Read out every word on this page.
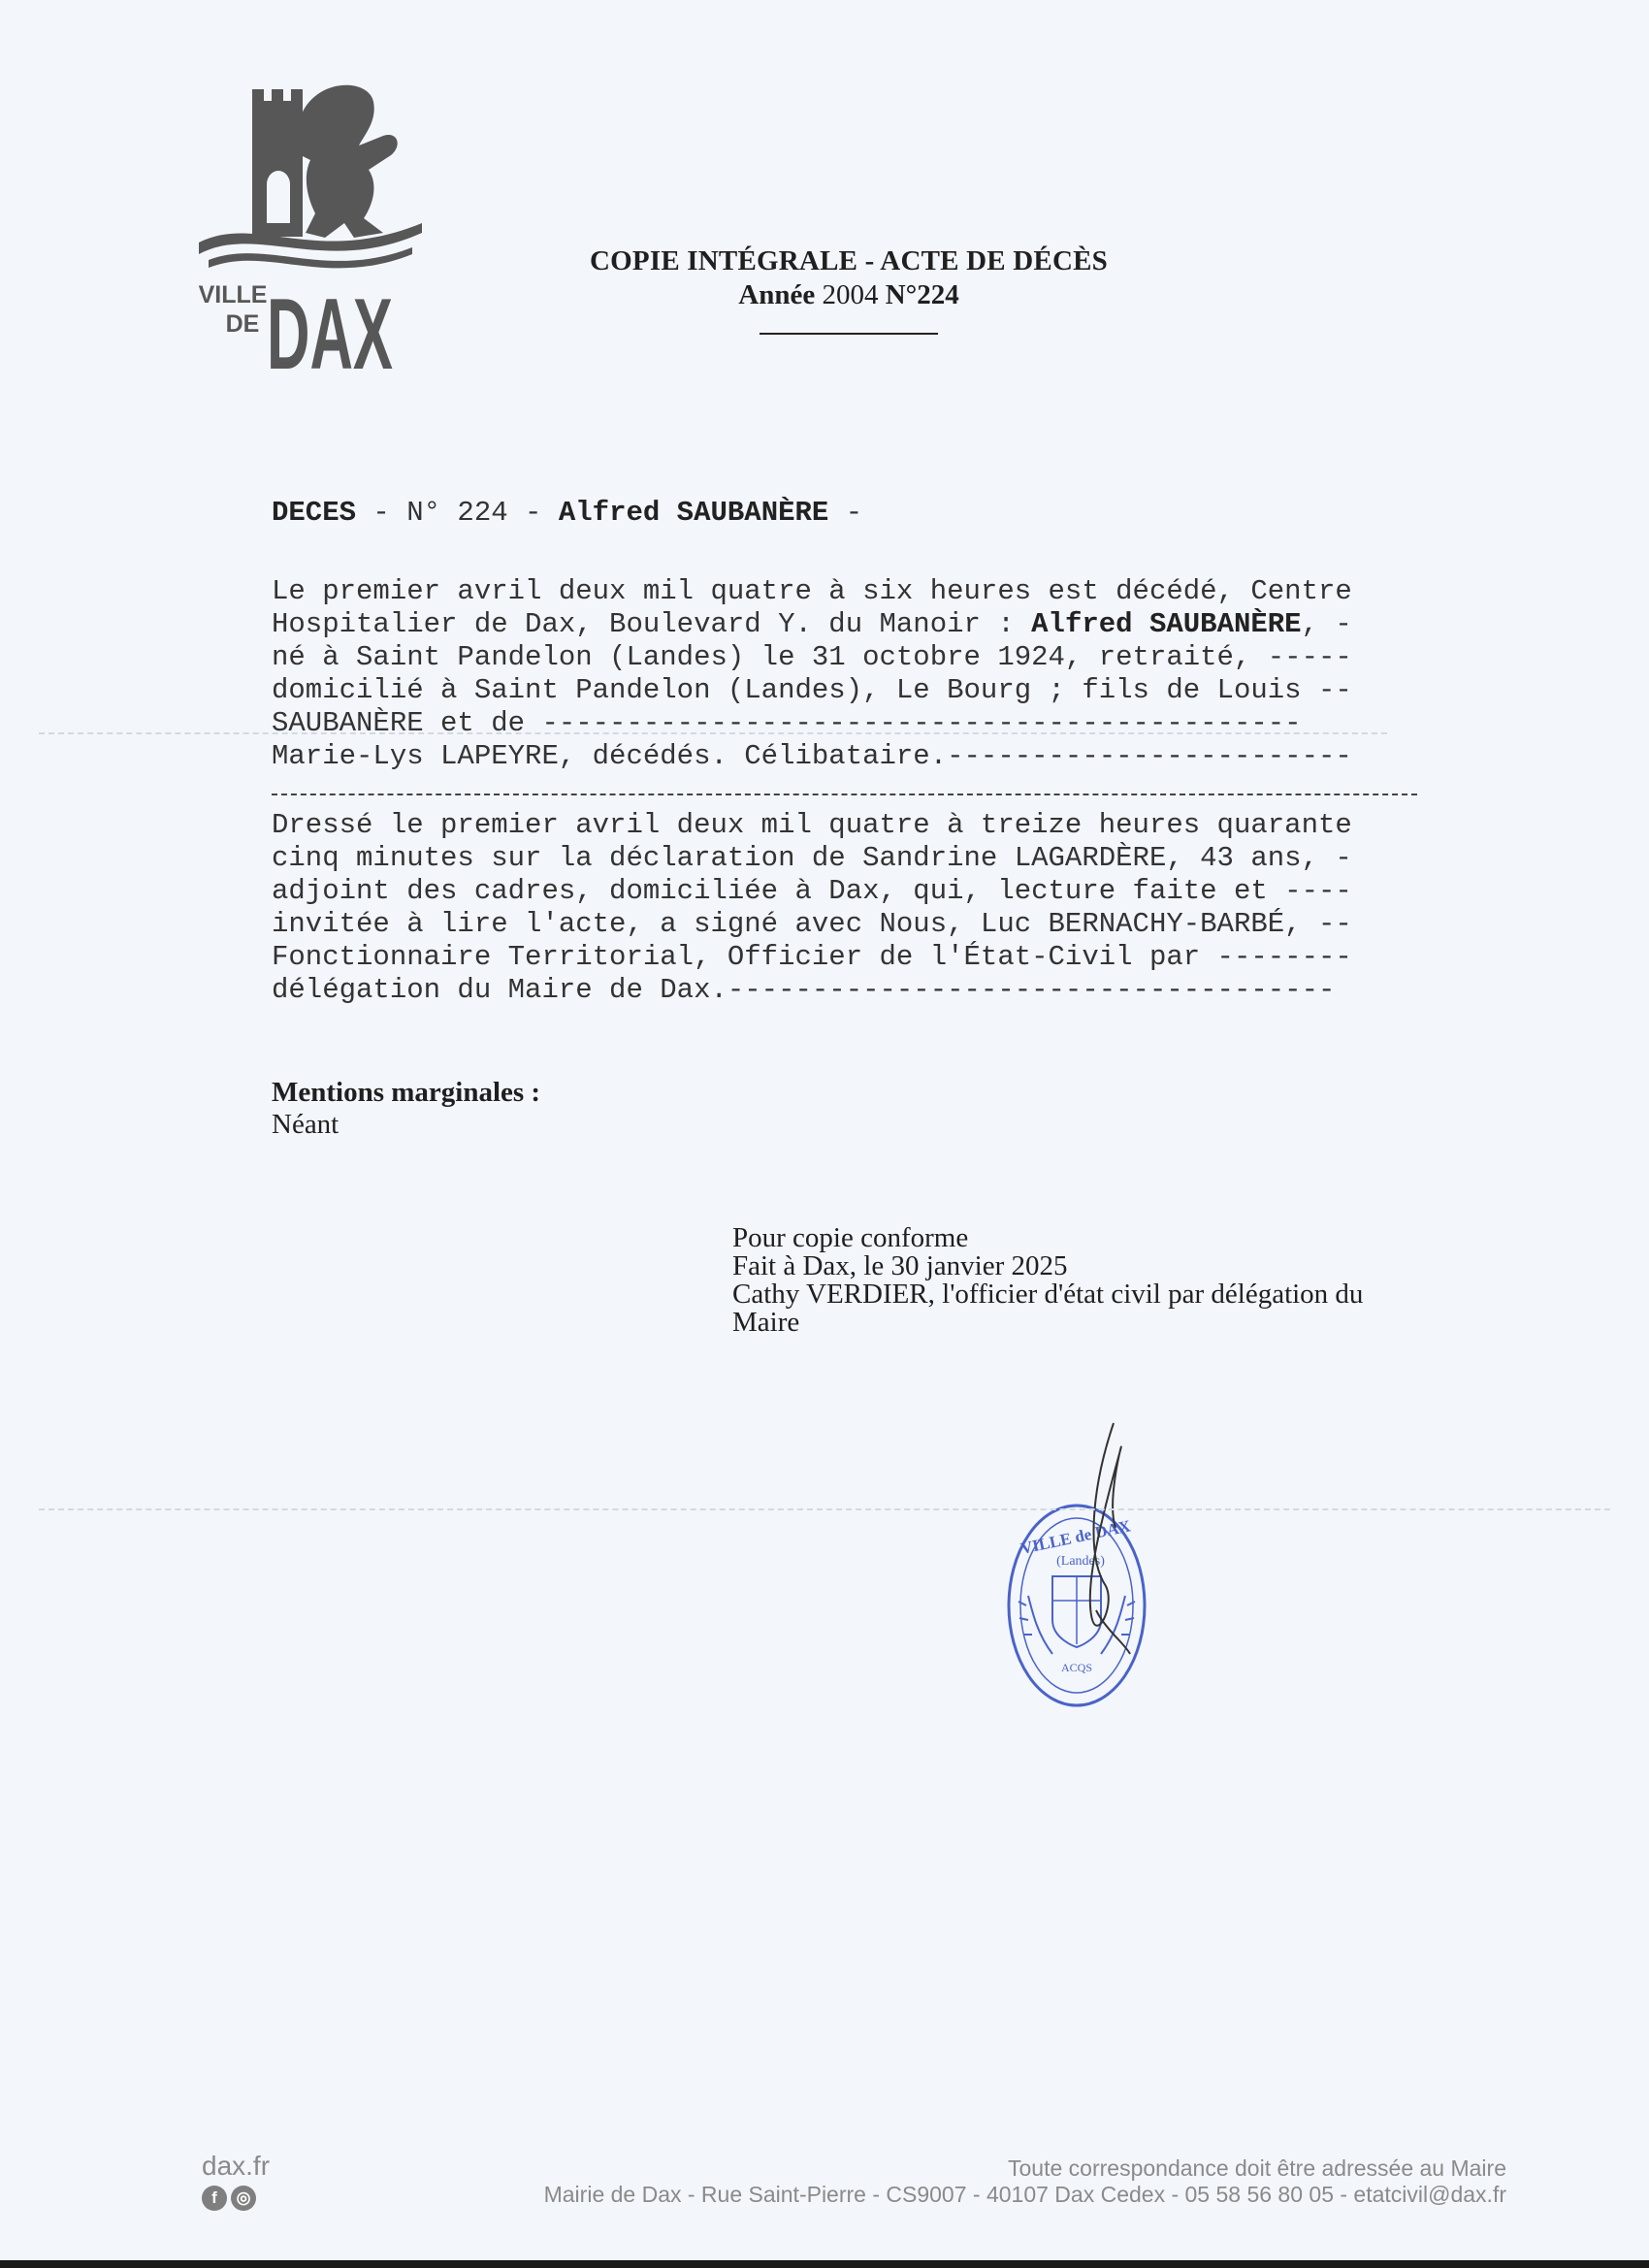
VILLE
DE DAX
COPIE INTÉGRALE - ACTE DE DÉCÈS
Année 2004 N°224
DECES - N° 224 - Alfred SAUBANÈRE -
Le premier avril deux mil quatre à six heures est décédé, Centre
Hospitalier de Dax, Boulevard Y. du Manoir : Alfred SAUBANÈRE, -
né à Saint Pandelon (Landes) le 31 octobre 1924, retraité, -----
domicilié à Saint Pandelon (Landes), Le Bourg ; fils de Louis --
SAUBANÈRE et de ---------------------------------------------
Marie-Lys LAPEYRE, décédés. Célibataire.------------------------
Dressé le premier avril deux mil quatre à treize heures quarante
cinq minutes sur la déclaration de Sandrine LAGARDÈRE, 43 ans, -
adjoint des cadres, domiciliée à Dax, qui, lecture faite et ----
invitée à lire l'acte, a signé avec Nous, Luc BERNACHY-BARBÉ, --
Fonctionnaire Territorial, Officier de l'État-Civil par --------
délégation du Maire de Dax.------------------------------------
Mentions marginales :
Néant
Pour copie conforme
Fait à Dax, le 30 janvier 2025
Cathy VERDIER, l'officier d'état civil par délégation du
Maire
VILLE de DAX
(Landes)
ACQS
dax.fr
f	◎
Toute correspondance doit être adressée au Maire
Mairie de Dax - Rue Saint-Pierre - CS9007 - 40107 Dax Cedex - 05 58 56 80 05 - etatcivil@dax.fr
